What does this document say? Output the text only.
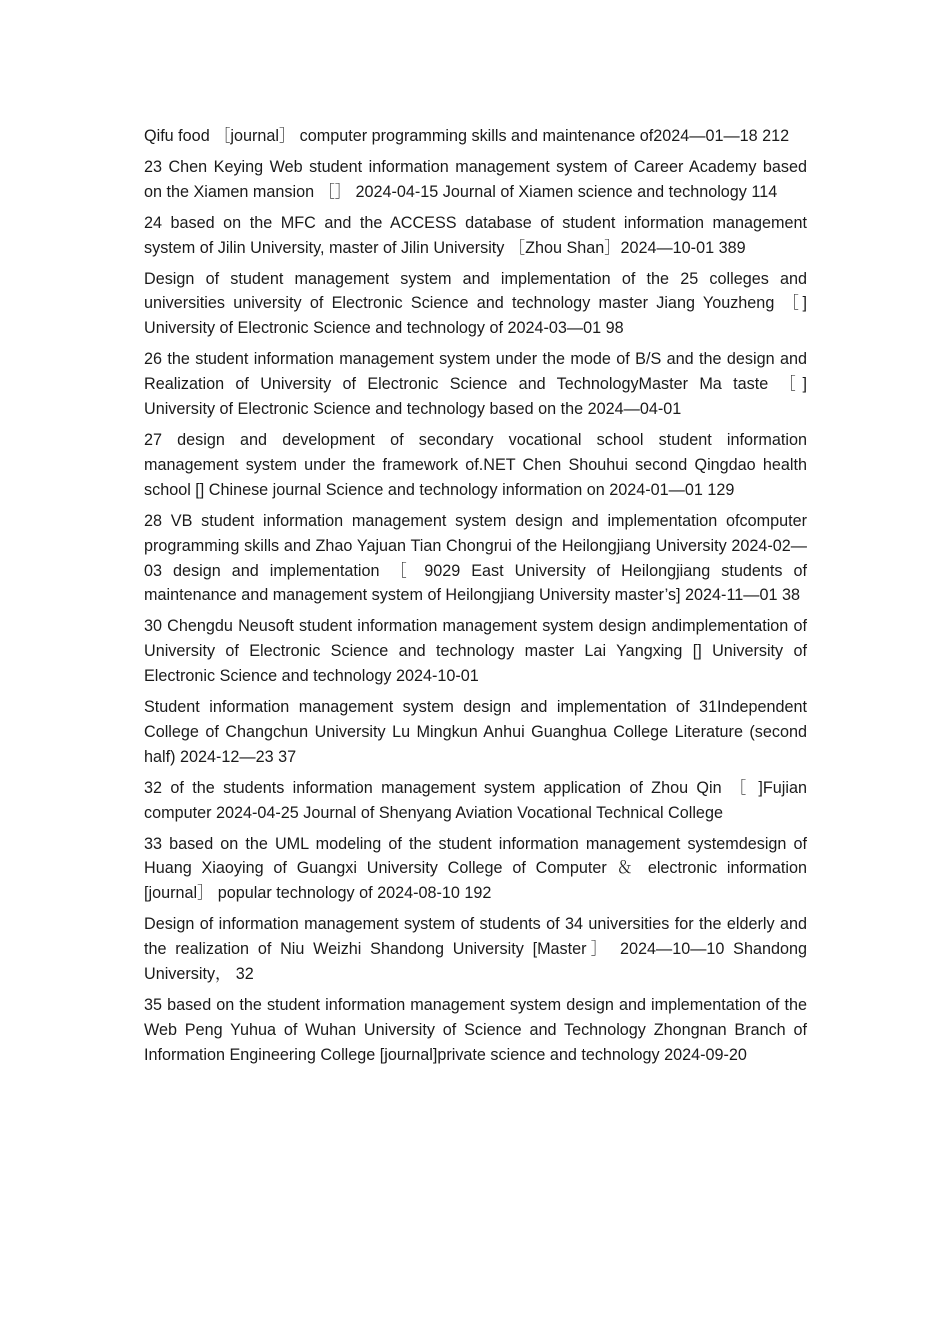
Qifu food ［journal］ computer programming skills and maintenance of2024—01—18 212

23 Chen Keying Web student information management system of Career Academy based on the Xiamen mansion ［］ 2024-04-15 Journal of Xiamen science and technology 114

24 based on the MFC and the ACCESS database of student information management system of Jilin University, master of Jilin University ［Zhou Shan］2024—10-01 389

Design of student management system and implementation of the 25 colleges and universities university of Electronic Science and technology master Jiang Youzheng ［] University of Electronic Science and technology of 2024-03—01 98

26 the student information management system under the mode of B/S and the design and Realization of University of Electronic Science and TechnologyMaster Ma taste ［] University of Electronic Science and technology based on the 2024—04-01

27 design and development of secondary vocational school student information management system under the framework of.NET Chen Shouhui second Qingdao health school [] Chinese journal Science and technology information on 2024-01—01 129

28 VB student information management system design and implementation ofcomputer programming skills and Zhao Yajuan Tian Chongrui of the Heilongjiang University 2024-02—03 design and implementation ［ 9029 East University of Heilongjiang students of maintenance and management system of Heilongjiang University master’s] 2024-11—01 38

30 Chengdu Neusoft student information management system design andimplementation of University of Electronic Science and technology master Lai Yangxing [] University of Electronic Science and technology 2024-10-01

Student information management system design and implementation of 31Independent College of Changchun University Lu Mingkun Anhui Guanghua College Literature (second half) 2024-12—23 37

32 of the students information management system application of Zhou Qin ［ ]Fujian computer 2024-04-25 Journal of Shenyang Aviation Vocational Technical College

33 based on the UML modeling of the student information management systemdesign of Huang Xiaoying of Guangxi University College of Computer ＆ electronic information [journal］ popular technology of 2024-08-10 192

Design of information management system of students of 34 universities for the elderly and the realization of Niu Weizhi Shandong University [Master］ 2024—10—10 Shandong University， 32

35 based on the student information management system design and implementation of the Web Peng Yuhua of Wuhan University of Science and Technology Zhongnan Branch of Information Engineering College [journal]private science and technology 2024-09-20
